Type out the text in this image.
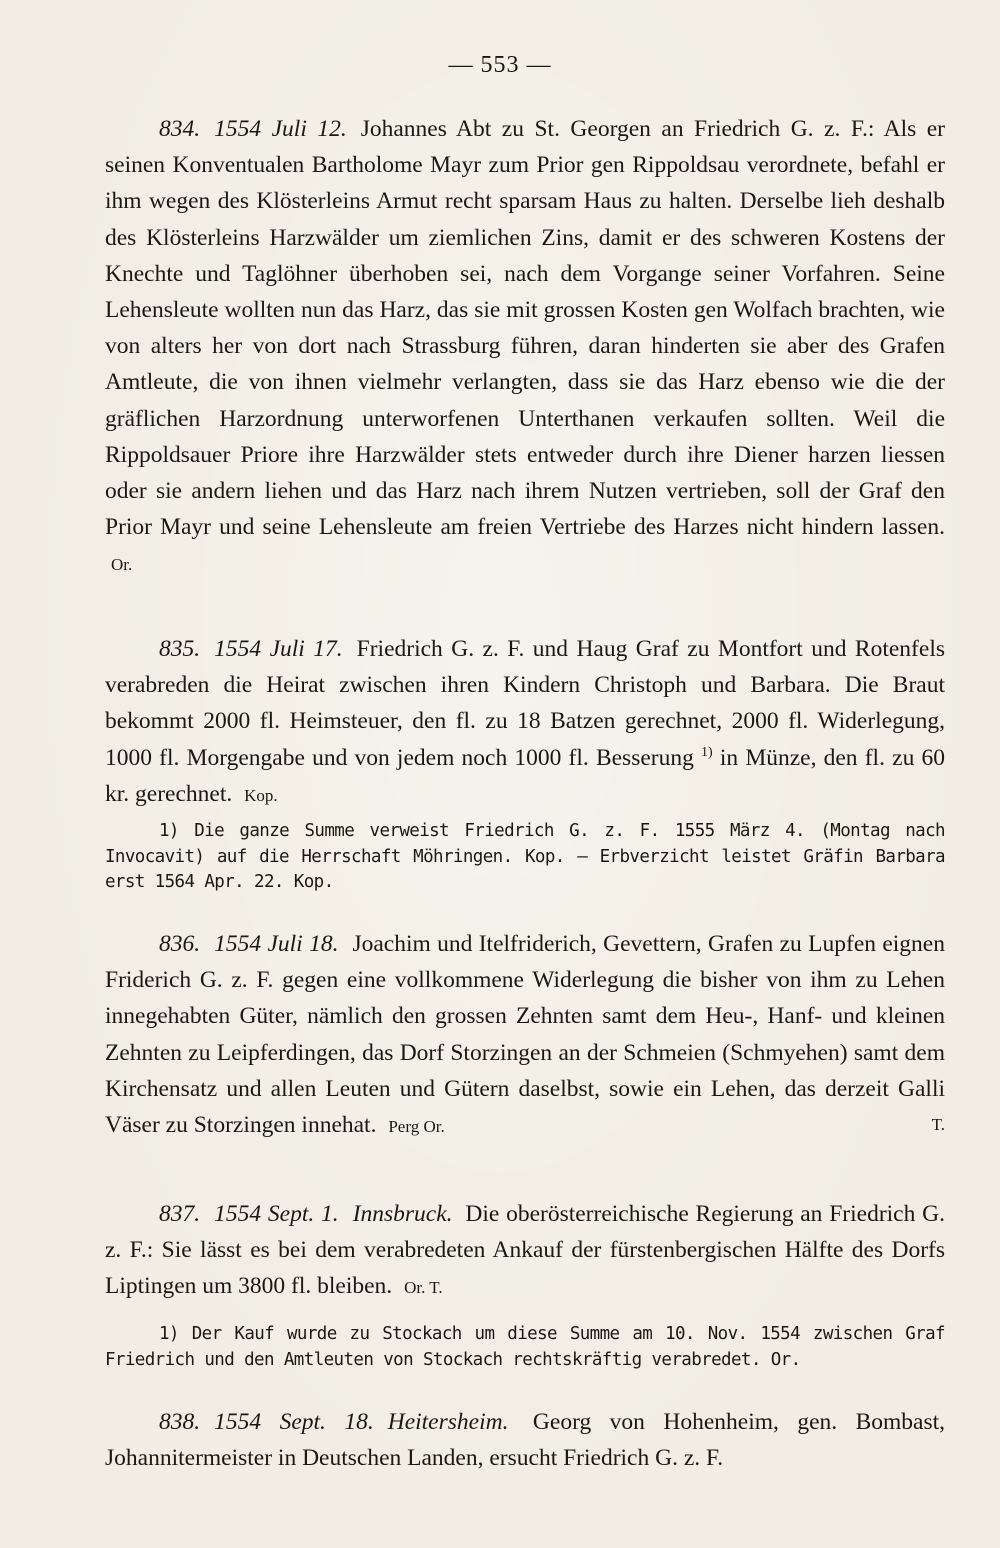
— 553 —
834. 1554 Juli 12. Johannes Abt zu St. Georgen an Friedrich G. z. F.: Als er seinen Konventualen Bartholome Mayr zum Prior gen Rippoldsau verordnete, befahl er ihm wegen des Klösterleins Armut recht sparsam Haus zu halten. Derselbe lieh deshalb des Klösterleins Harzwälder um ziemlichen Zins, damit er des schweren Kostens der Knechte und Taglöhner überhoben sei, nach dem Vorgange seiner Vorfahren. Seine Lehensleute wollten nun das Harz, das sie mit grossen Kosten gen Wolfach brachten, wie von alters her von dort nach Strassburg führen, daran hinderten sie aber des Grafen Amtleute, die von ihnen vielmehr verlangten, dass sie das Harz ebenso wie die der gräflichen Harzordnung unterworfenen Unterthanen verkaufen sollten. Weil die Rippoldsauer Priore ihre Harzwälder stets entweder durch ihre Diener harzen liessen oder sie andern liehen und das Harz nach ihrem Nutzen vertrieben, soll der Graf den Prior Mayr und seine Lehensleute am freien Vertriebe des Harzes nicht hindern lassen. Or.
835. 1554 Juli 17. Friedrich G. z. F. und Haug Graf zu Montfort und Rotenfels verabreden die Heirat zwischen ihren Kindern Christoph und Barbara. Die Braut bekommt 2000 fl. Heimsteuer, den fl. zu 18 Batzen gerechnet, 2000 fl. Widerlegung, 1000 fl. Morgengabe und von jedem noch 1000 fl. Besserung $^{1)}$ in Münze, den fl. zu 60 kr. gerechnet. Kop.
1) Die ganze Summe verweist Friedrich G. z. F. 1555 März 4. (Montag nach Invocavit) auf die Herrschaft Möhringen. Kop. — Erbverzicht leistet Gräfin Barbara erst 1564 Apr. 22. Kop.
836. 1554 Juli 18. Joachim und Itelfriderich, Gevettern, Grafen zu Lupfen eignen Friderich G. z. F. gegen eine vollkommene Widerlegung die bisher von ihm zu Lehen innegehabten Güter, nämlich den grossen Zehnten samt dem Heu-, Hanf- und kleinen Zehnten zu Leipferdingen, das Dorf Storzingen an der Schmeien (Schmyehen) samt dem Kirchensatz und allen Leuten und Gütern daselbst, sowie ein Lehen, das derzeit Galli Väser zu Storzingen innehat. Perg Or.	T.
837. 1554 Sept. 1. Innsbruck. Die oberösterreichische Regierung an Friedrich G. z. F.: Sie lässt es bei dem verabredeten Ankauf der fürstenbergischen Hälfte des Dorfs Liptingen um 3800 fl. bleiben. Or. T.
1) Der Kauf wurde zu Stockach um diese Summe am 10. Nov. 1554 zwischen Graf Friedrich und den Amtleuten von Stockach rechtskräftig verabredet. Or.
838. 1554 Sept. 18. Heitersheim. Georg von Hohenheim, gen. Bombast, Johannitermeister in Deutschen Landen, ersucht Friedrich G. z. F.
